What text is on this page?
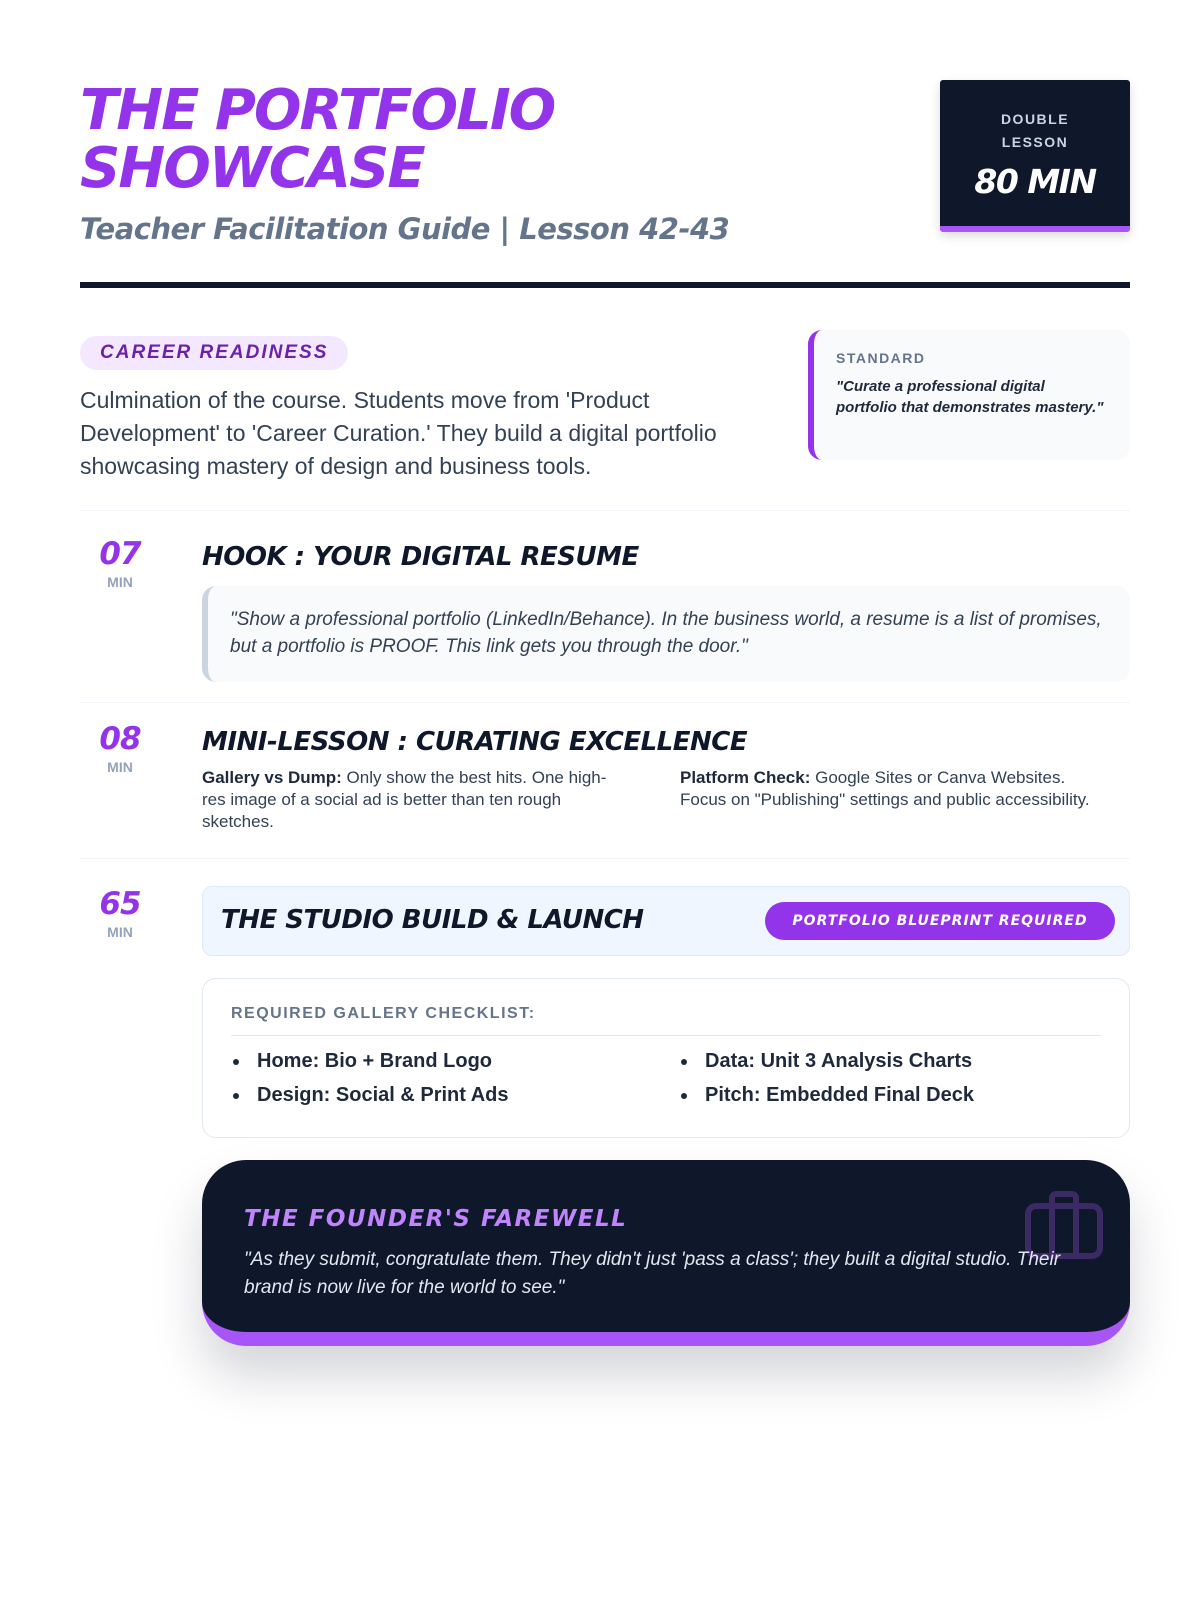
THE PORTFOLIO
SHOWCASE
Teacher Facilitation Guide | Lesson 42-43
DOUBLE LESSON
80 MIN
CAREER READINESS

Culmination of the course. Students move from 'Product Development' to 'Career Curation.' They build a digital portfolio showcasing mastery of design and business tools.

STANDARD
"Curate a professional digital portfolio that demonstrates mastery."
07
MIN
HOOK : YOUR DIGITAL RESUME
"Show a professional portfolio (LinkedIn/Behance). In the business world, a resume is a list of promises, but a portfolio is PROOF. This link gets you through the door."
08
MIN
MINI-LESSON : CURATING EXCELLENCE
Gallery vs Dump: Only show the best hits. One high-res image of a social ad is better than ten rough sketches.
Platform Check: Google Sites or Canva Websites. Focus on "Publishing" settings and public accessibility.
65
MIN	THE STUDIO BUILD & LAUNCH	PORTFOLIO BLUEPRINT REQUIRED
REQUIRED GALLERY CHECKLIST:
Home: Bio + Brand Logo
Design: Social & Print Ads
Data: Unit 3 Analysis Charts
Pitch: Embedded Final Deck
THE FOUNDER'S FAREWELL
"As they submit, congratulate them. They didn't just 'pass a class'; they built a digital studio. Their brand is now live for the world to see."
